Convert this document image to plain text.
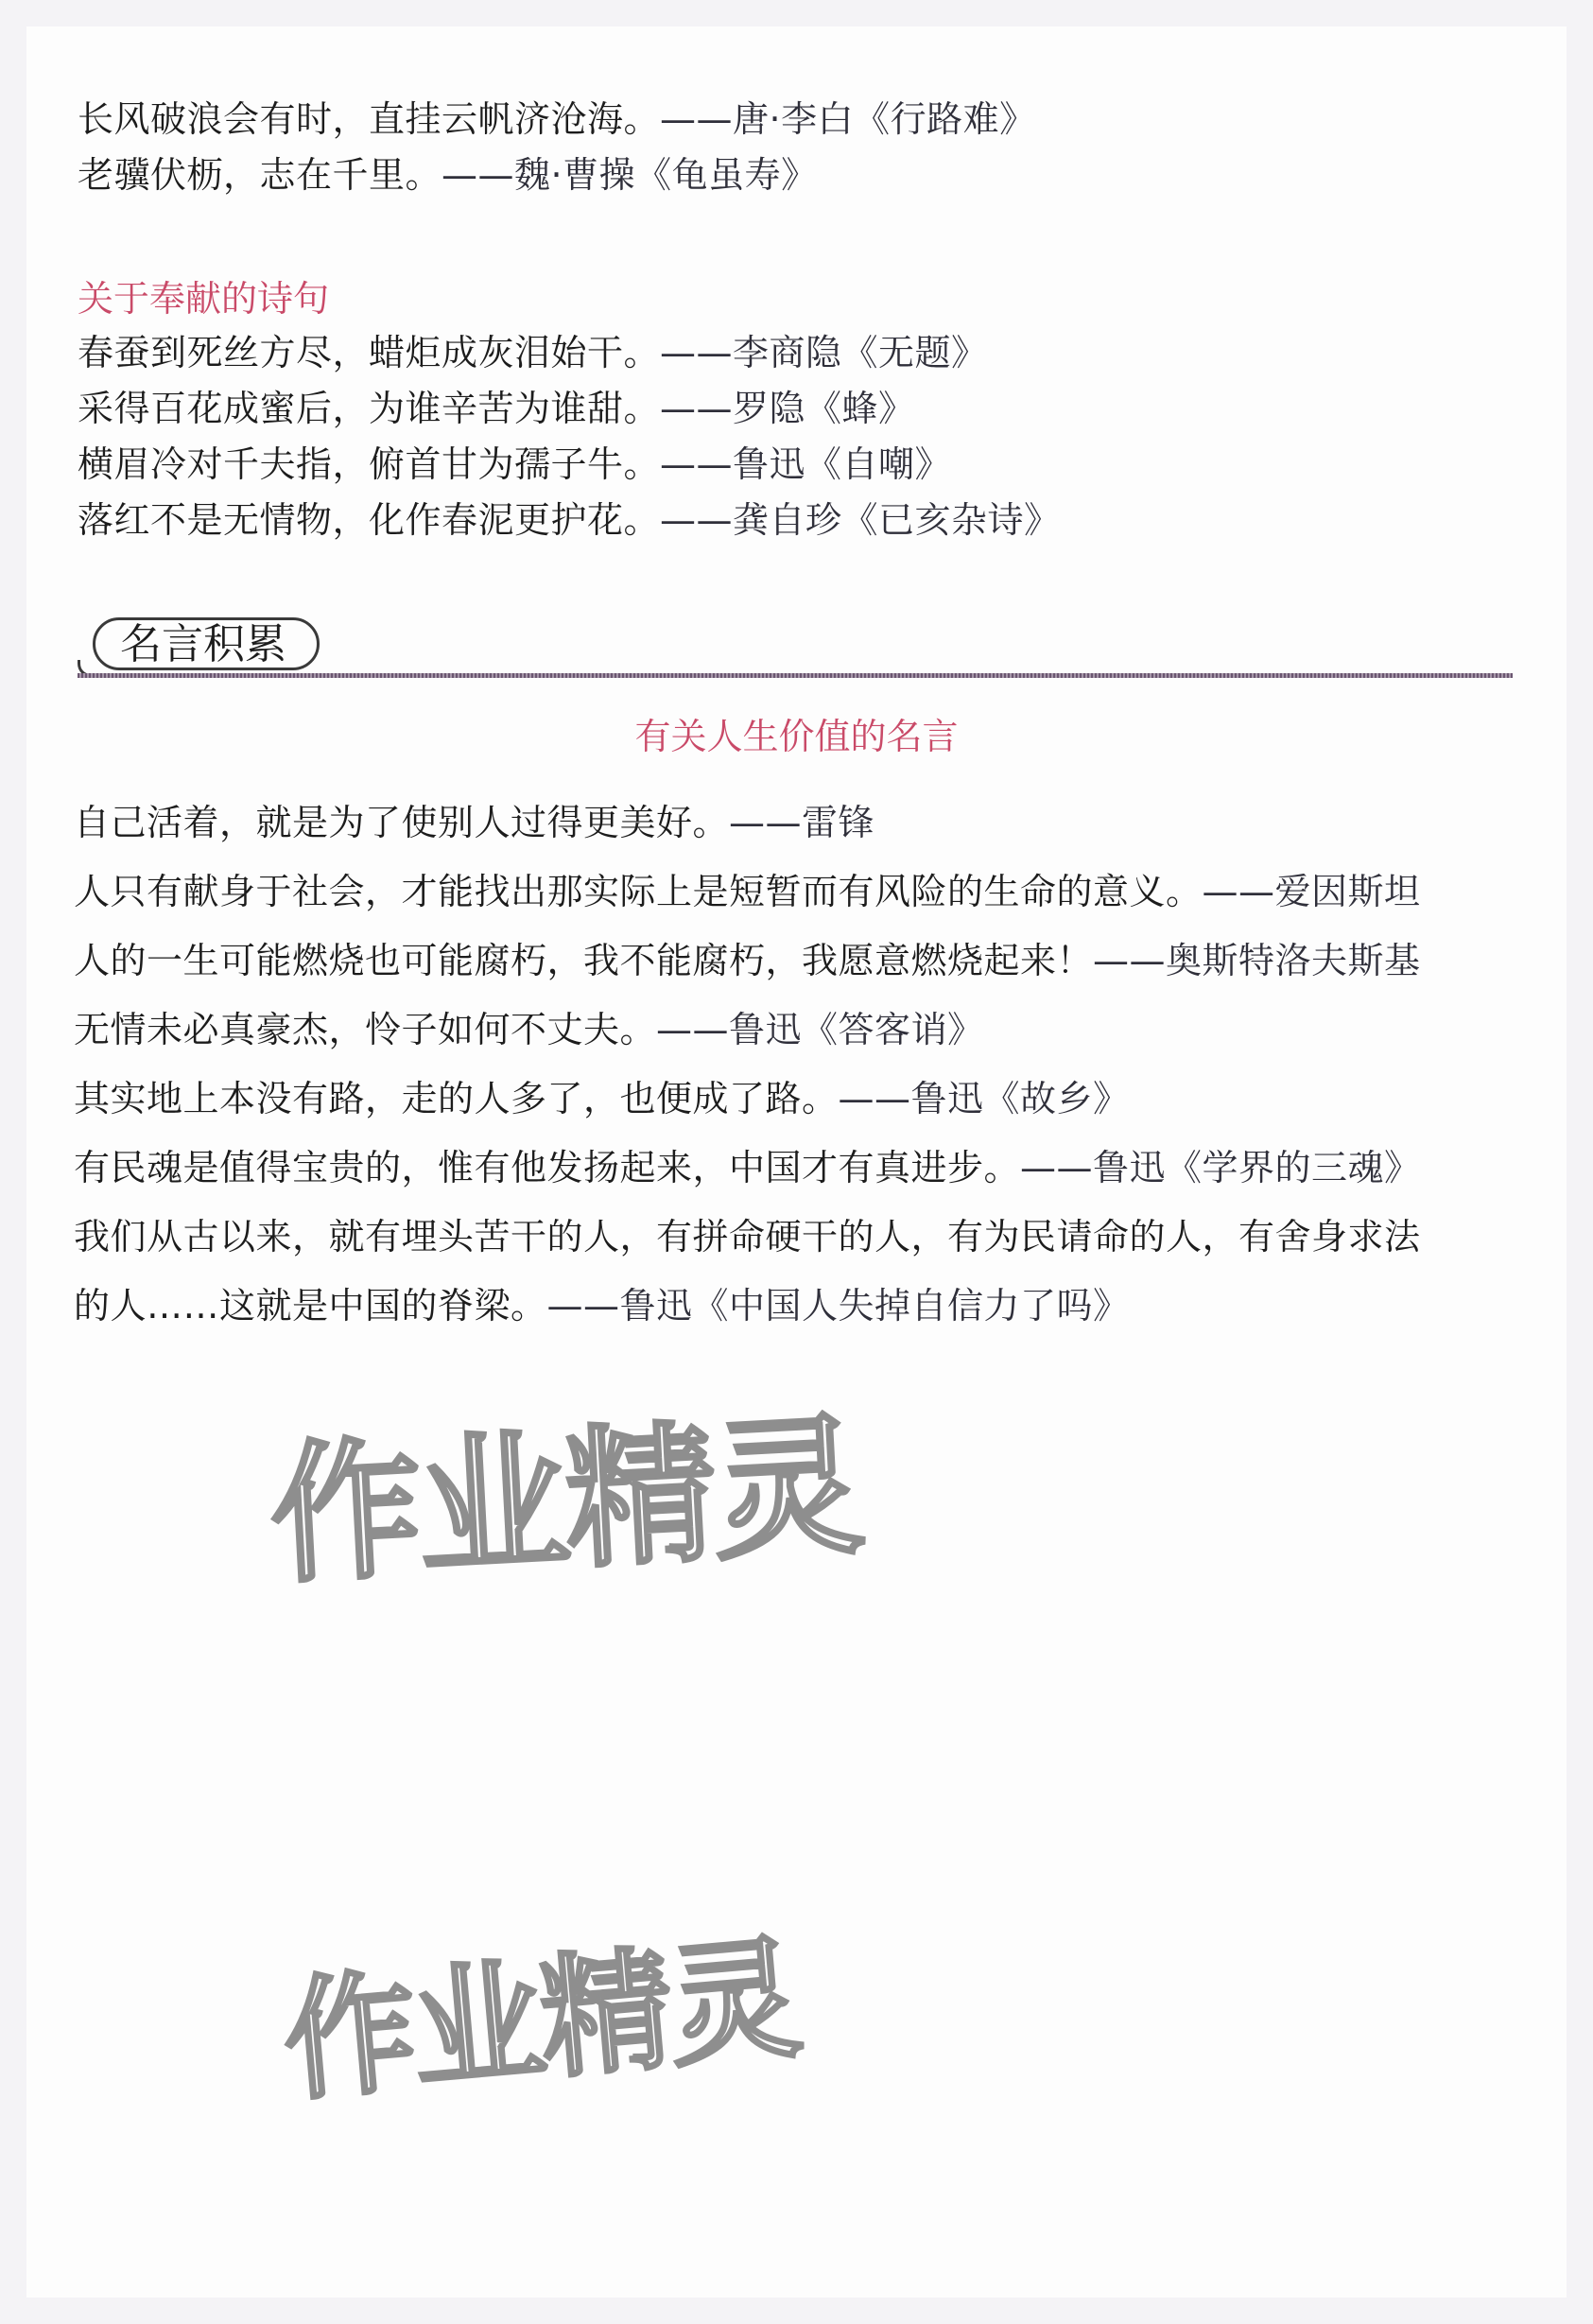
长风破浪会有时，直挂云帆济沧海。——唐·李白《行路难》
老骥伏枥，志在千里。——魏·曹操《龟虽寿》
关于奉献的诗句
春蚕到死丝方尽，蜡炬成灰泪始干。——李商隐《无题》
采得百花成蜜后，为谁辛苦为谁甜。——罗隐《蜂》
横眉冷对千夫指，俯首甘为孺子牛。——鲁迅《自嘲》
落红不是无情物，化作春泥更护花。——龚自珍《已亥杂诗》
名言积累
有关人生价值的名言
自己活着，就是为了使别人过得更美好。——雷锋
人只有献身于社会，才能找出那实际上是短暂而有风险的生命的意义。——爱因斯坦
人的一生可能燃烧也可能腐朽，我不能腐朽，我愿意燃烧起来！——奥斯特洛夫斯基
无情未必真豪杰，怜子如何不丈夫。——鲁迅《答客诮》
其实地上本没有路，走的人多了，也便成了路。——鲁迅《故乡》
有民魂是值得宝贵的，惟有他发扬起来，中国才有真进步。——鲁迅《学界的三魂》
我们从古以来，就有埋头苦干的人，有拼命硬干的人，有为民请命的人，有舍身求法
的人……这就是中国的脊梁。——鲁迅《中国人失掉自信力了吗》
作业精灵
作业精灵
